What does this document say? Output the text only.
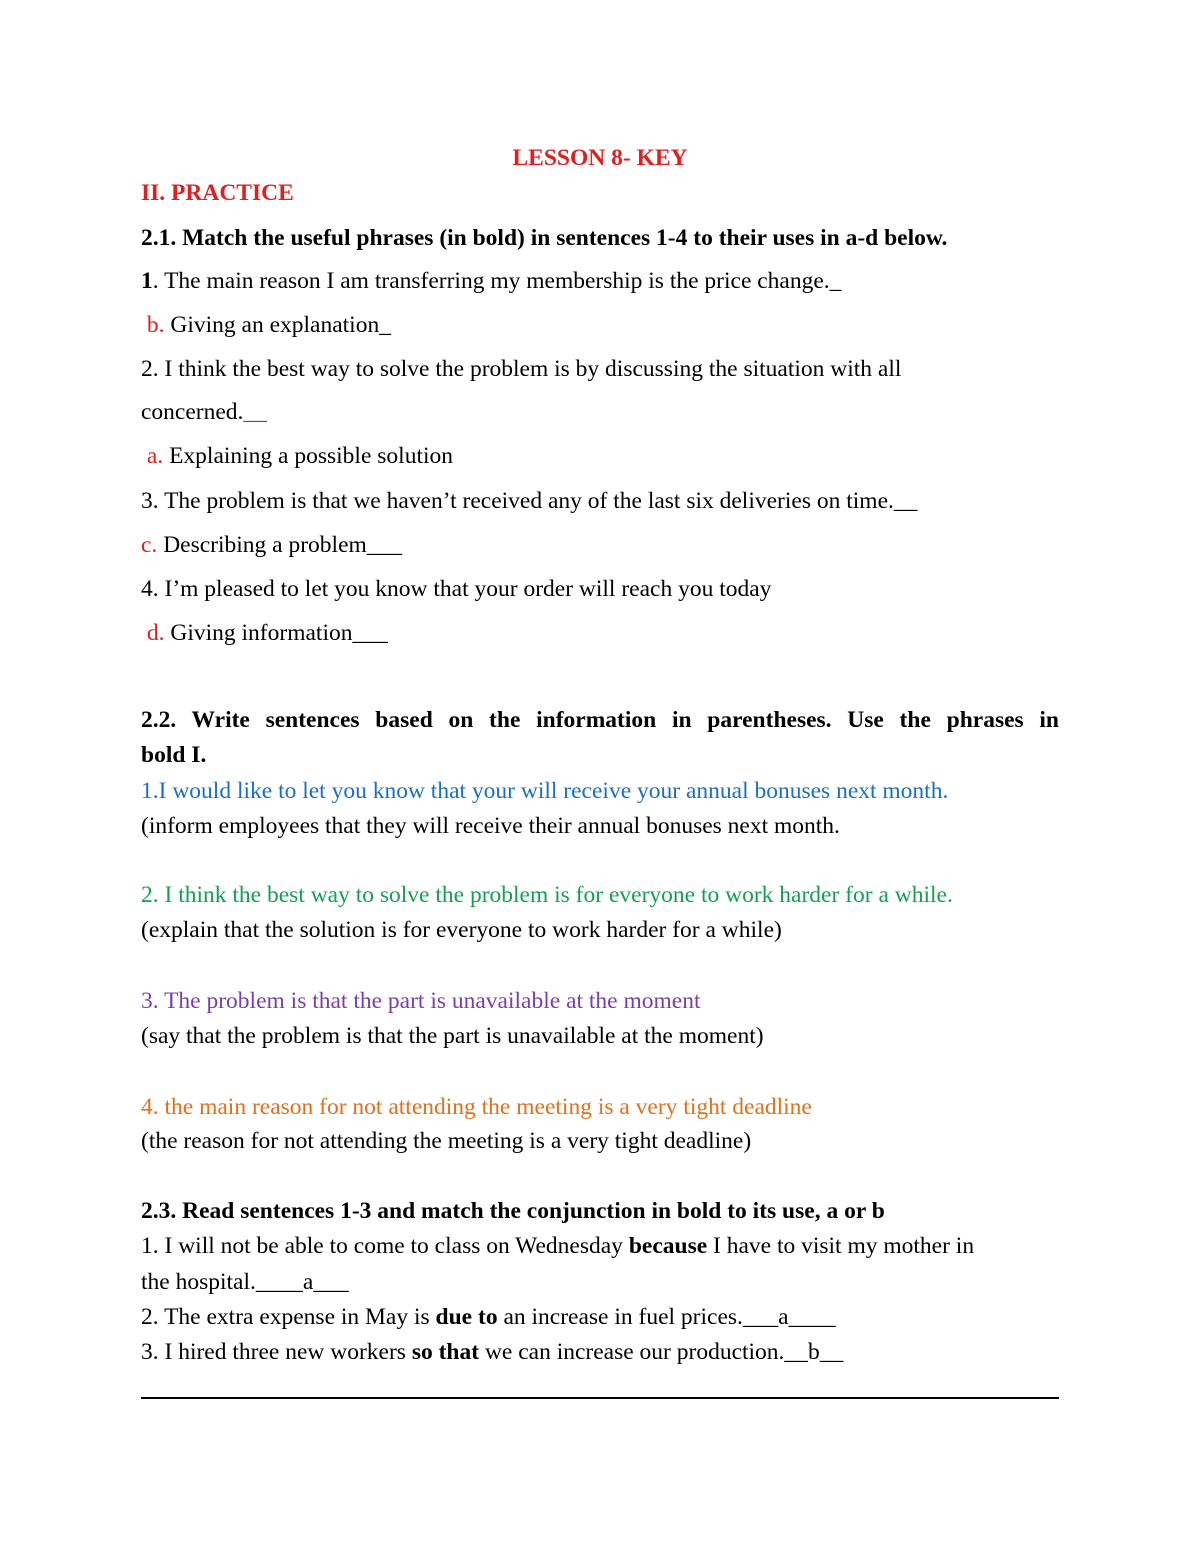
LESSON 8- KEY
II. PRACTICE
2.1. Match the useful phrases (in bold) in sentences 1-4 to their uses in a-d below.
1. The main reason I am transferring my membership is the price change._
b. Giving an explanation_
2. I think the best way to solve the problem is by discussing the situation with all
concerned.__
a. Explaining a possible solution
3. The problem is that we haven’t received any of the last six deliveries on time.__
c. Describing a problem___
4. I’m pleased to let you know that your order will reach you today
d. Giving information___
2.2. Write sentences based on the information in parentheses. Use the phrases in
bold I.
1.I would like to let you know that your will receive your annual bonuses next month.
(inform employees that they will receive their annual bonuses next month.
2. I think the best way to solve the problem is for everyone to work harder for a while.
(explain that the solution is for everyone to work harder for a while)
3. The problem is that the part is unavailable at the moment
(say that the problem is that the part is unavailable at the moment)
4. the main reason for not attending the meeting is a very tight deadline
(the reason for not attending the meeting is a very tight deadline)
2.3. Read sentences 1-3 and match the conjunction in bold to its use, a or b
1. I will not be able to come to class on Wednesday because I have to visit my mother in
the hospital.____a___
2. The extra expense in May is due to an increase in fuel prices.___a____
3. I hired three new workers so that we can increase our production.__b__
